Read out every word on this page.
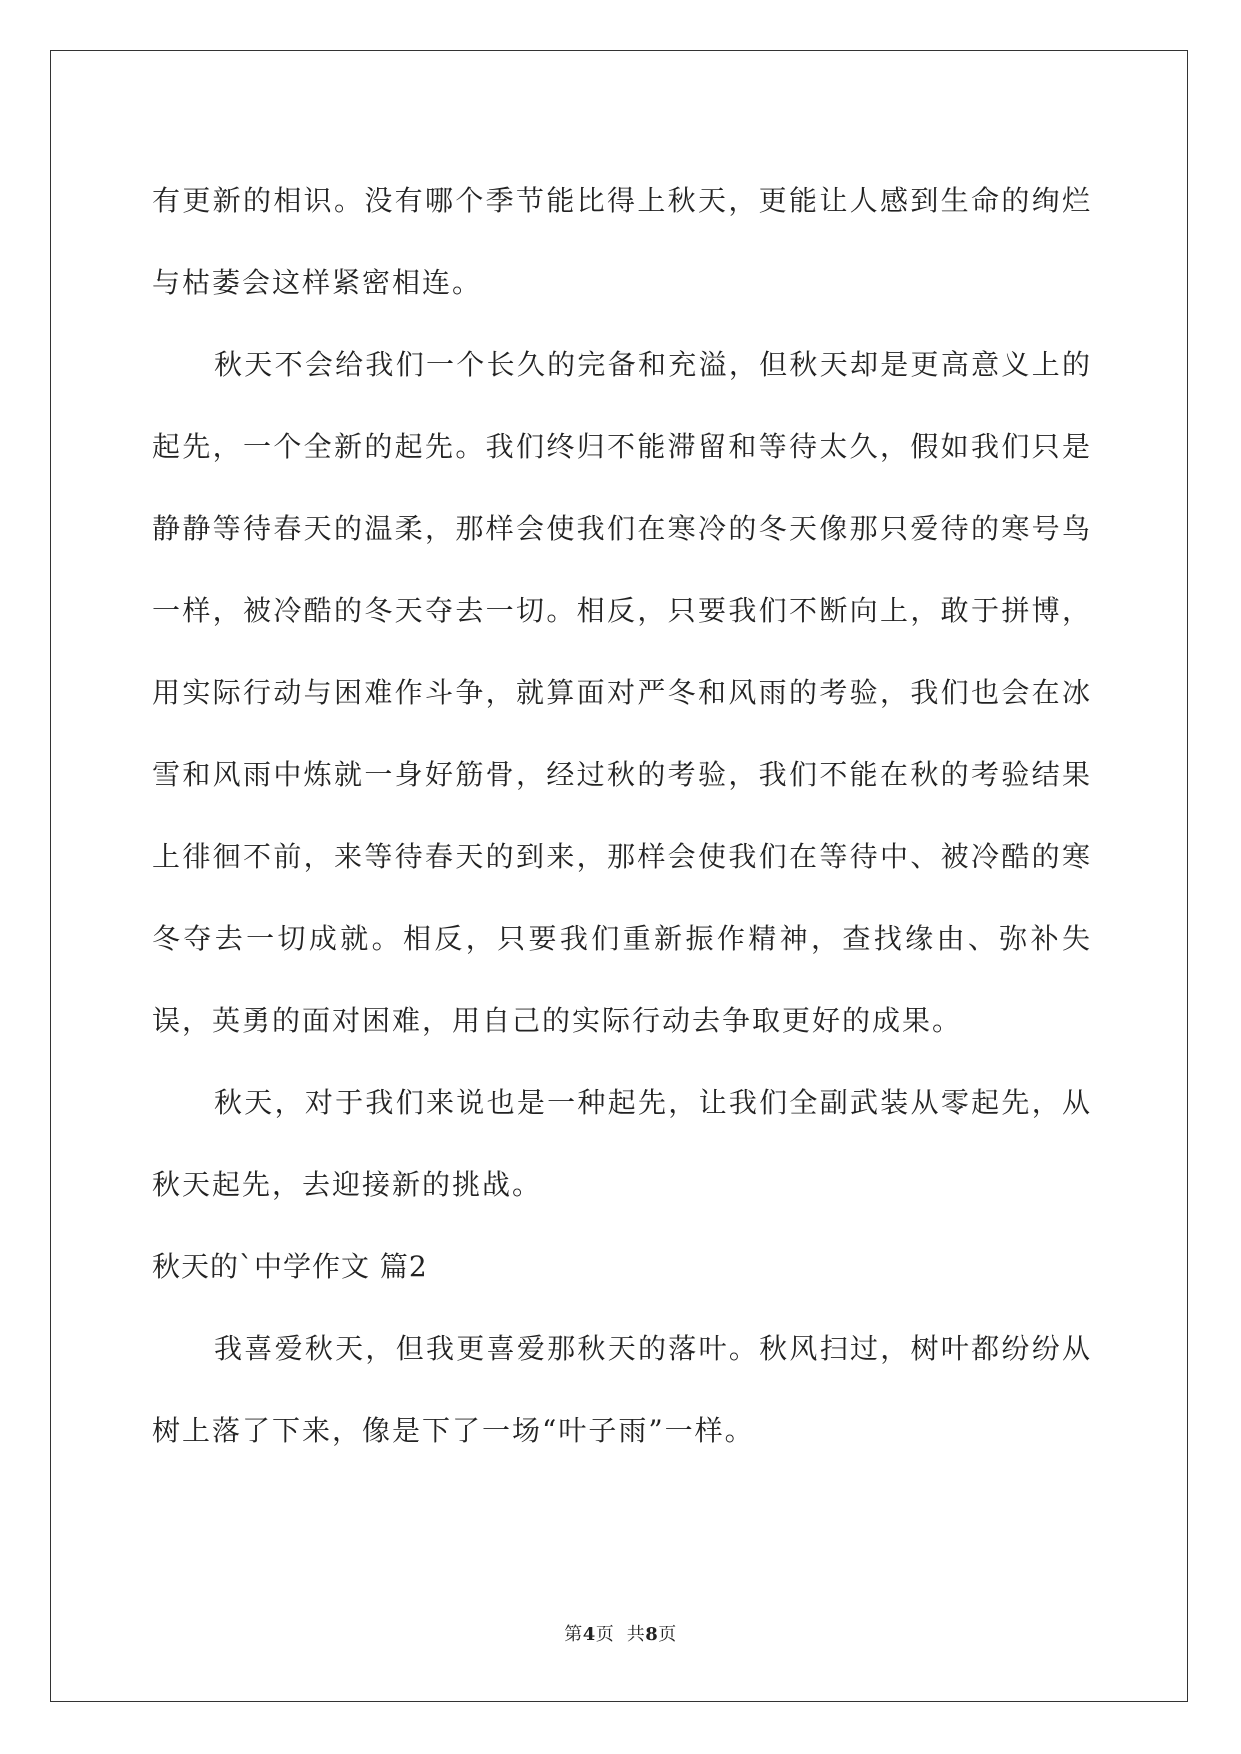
有更新的相识。没有哪个季节能比得上秋天，更能让人感到生命的绚烂与枯萎会这样紧密相连。

秋天不会给我们一个长久的完备和充溢，但秋天却是更高意义上的起先，一个全新的起先。我们终归不能滞留和等待太久，假如我们只是静静等待春天的温柔，那样会使我们在寒冷的冬天像那只爱待的寒号鸟一样，被冷酷的冬天夺去一切。相反，只要我们不断向上，敢于拼博，用实际行动与困难作斗争，就算面对严冬和风雨的考验，我们也会在冰雪和风雨中炼就一身好筋骨，经过秋的考验，我们不能在秋的考验结果上徘徊不前，来等待春天的到来，那样会使我们在等待中、被冷酷的寒冬夺去一切成就。相反，只要我们重新振作精神，查找缘由、弥补失误，英勇的面对困难，用自己的实际行动去争取更好的成果。

秋天，对于我们来说也是一种起先，让我们全副武装从零起先，从秋天起先，去迎接新的挑战。

秋天的`中学作文 篇2

我喜爱秋天，但我更喜爱那秋天的落叶。秋风扫过，树叶都纷纷从树上落了下来，像是下了一场“叶子雨”一样。

第4页  共8页
